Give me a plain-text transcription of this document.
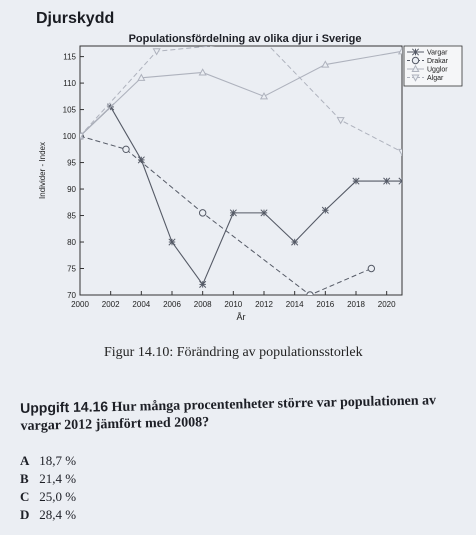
Djurskydd
Populationsfördelning av olika djur i Sverige
70
75
80
85
90
95
100
105
110
115
2000 2002 2004 2006 2008 2010 2012 2014 2016 2018 2020
År
Individer - Index
Vargar
Drakar
Ugglor
Algar
Figur 14.10: Förändring av populationsstorlek
Uppgift 14.16 Hur många procentenheter större var populationen av vargar 2012 jämfört med 2008?
A 18,7 %
B 21,4 %
C 25,0 %
D 28,4 %
